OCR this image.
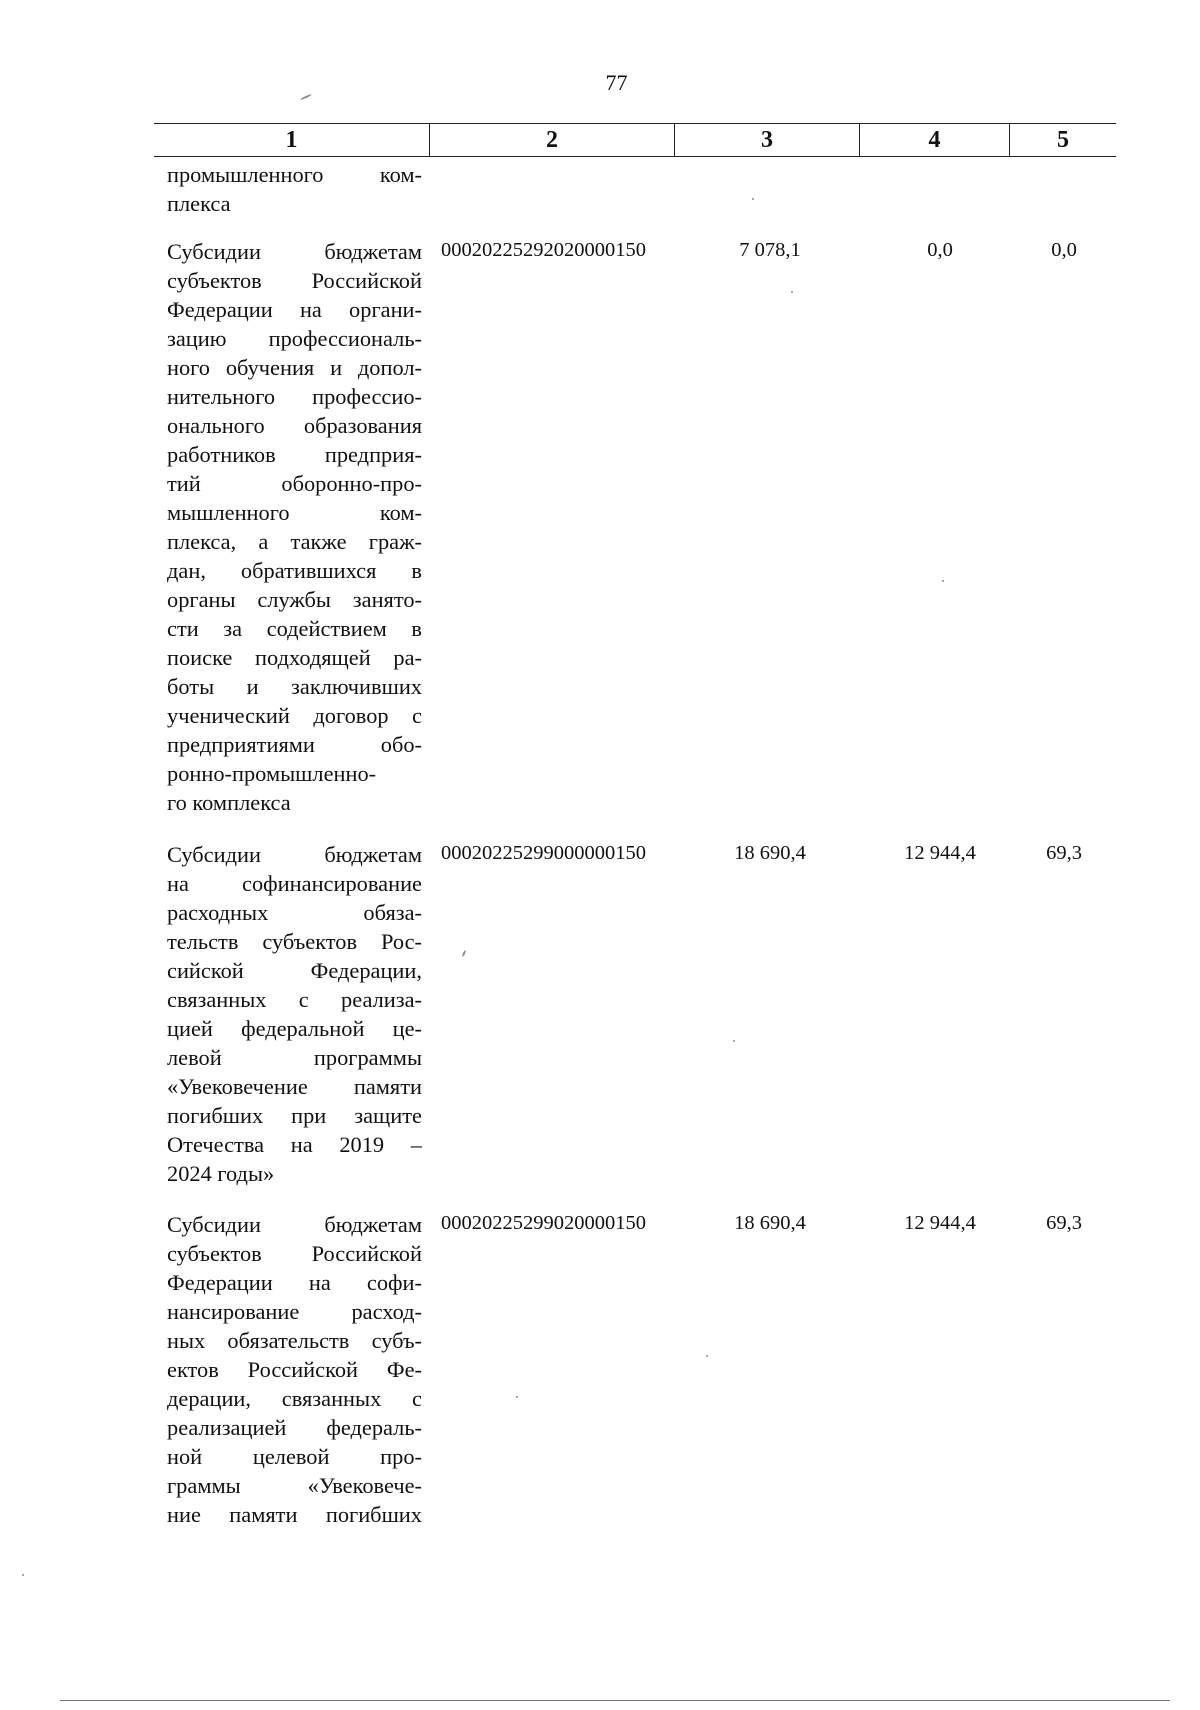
77
1	2	3	4	5
промышленного ком-
плекса
Субсидии бюджетам
субъектов Российской
Федерации на органи-
зацию профессиональ-
ного обучения и допол-
нительного профессио-
онального образования
работников предприя-
тий оборонно-про-
мышленного ком-
плекса, а также граж-
дан, обратившихся в
органы службы занято-
сти за содействием в
поиске подходящей ра-
боты и заключивших
ученический договор с
предприятиями обо-
ронно-промышленно-
го комплекса
00020225292020000150	7 078,1	0,0	0,0
Субсидии бюджетам
на софинансирование
расходных обяза-
тельств субъектов Рос-
сийской Федерации,
связанных с реализа-
цией федеральной це-
левой программы
«Увековечение памяти
погибших при защите
Отечества на 2019 –
2024 годы»
00020225299000000150	18 690,4	12 944,4	69,3
Субсидии бюджетам
субъектов Российской
Федерации на софи-
нансирование расход-
ных обязательств субъ-
ектов Российской Фе-
дерации, связанных с
реализацией федераль-
ной целевой про-
граммы «Увековече-
ние памяти погибших
00020225299020000150	18 690,4	12 944,4	69,3
